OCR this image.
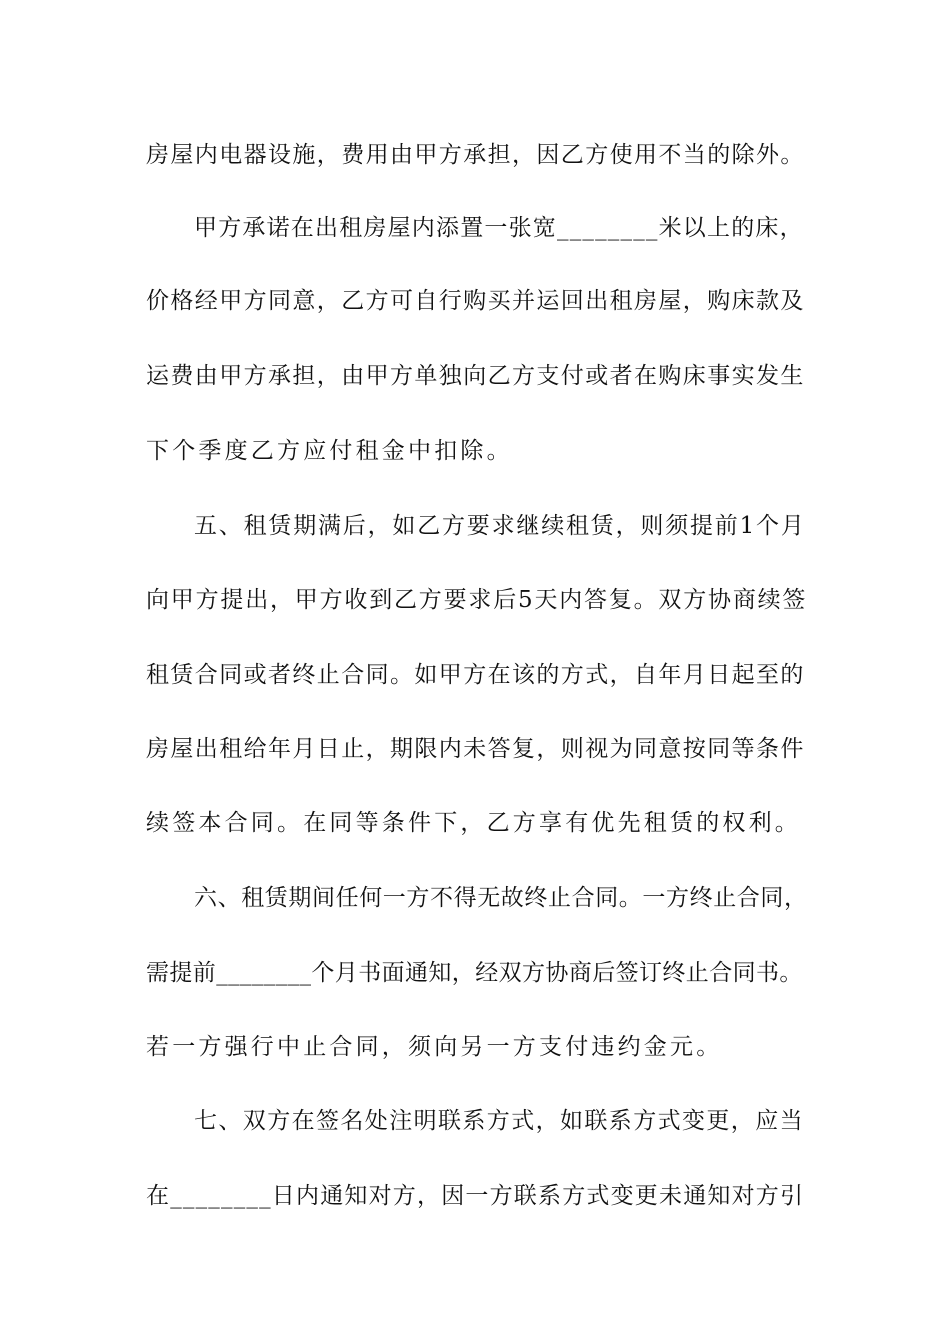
房屋内电器设施，费用由甲方承担，因乙方使用不当的除外。
甲方承诺在出租房屋内添置一张宽________米以上的床，
价格经甲方同意，乙方可自行购买并运回出租房屋，购床款及
运费由甲方承担，由甲方单独向乙方支付或者在购床事实发生
下个季度乙方应付租金中扣除。
五、租赁期满后，如乙方要求继续租赁，则须提前1个月
向甲方提出，甲方收到乙方要求后5天内答复。双方协商续签
租赁合同或者终止合同。如甲方在该的方式，自年月日起至的
房屋出租给年月日止，期限内未答复，则视为同意按同等条件
续签本合同。在同等条件下，乙方享有优先租赁的权利。
六、租赁期间任何一方不得无故终止合同。一方终止合同，
需提前________个月书面通知，经双方协商后签订终止合同书。
若一方强行中止合同，须向另一方支付违约金元。
七、双方在签名处注明联系方式，如联系方式变更，应当
在________日内通知对方，因一方联系方式变更未通知对方引
